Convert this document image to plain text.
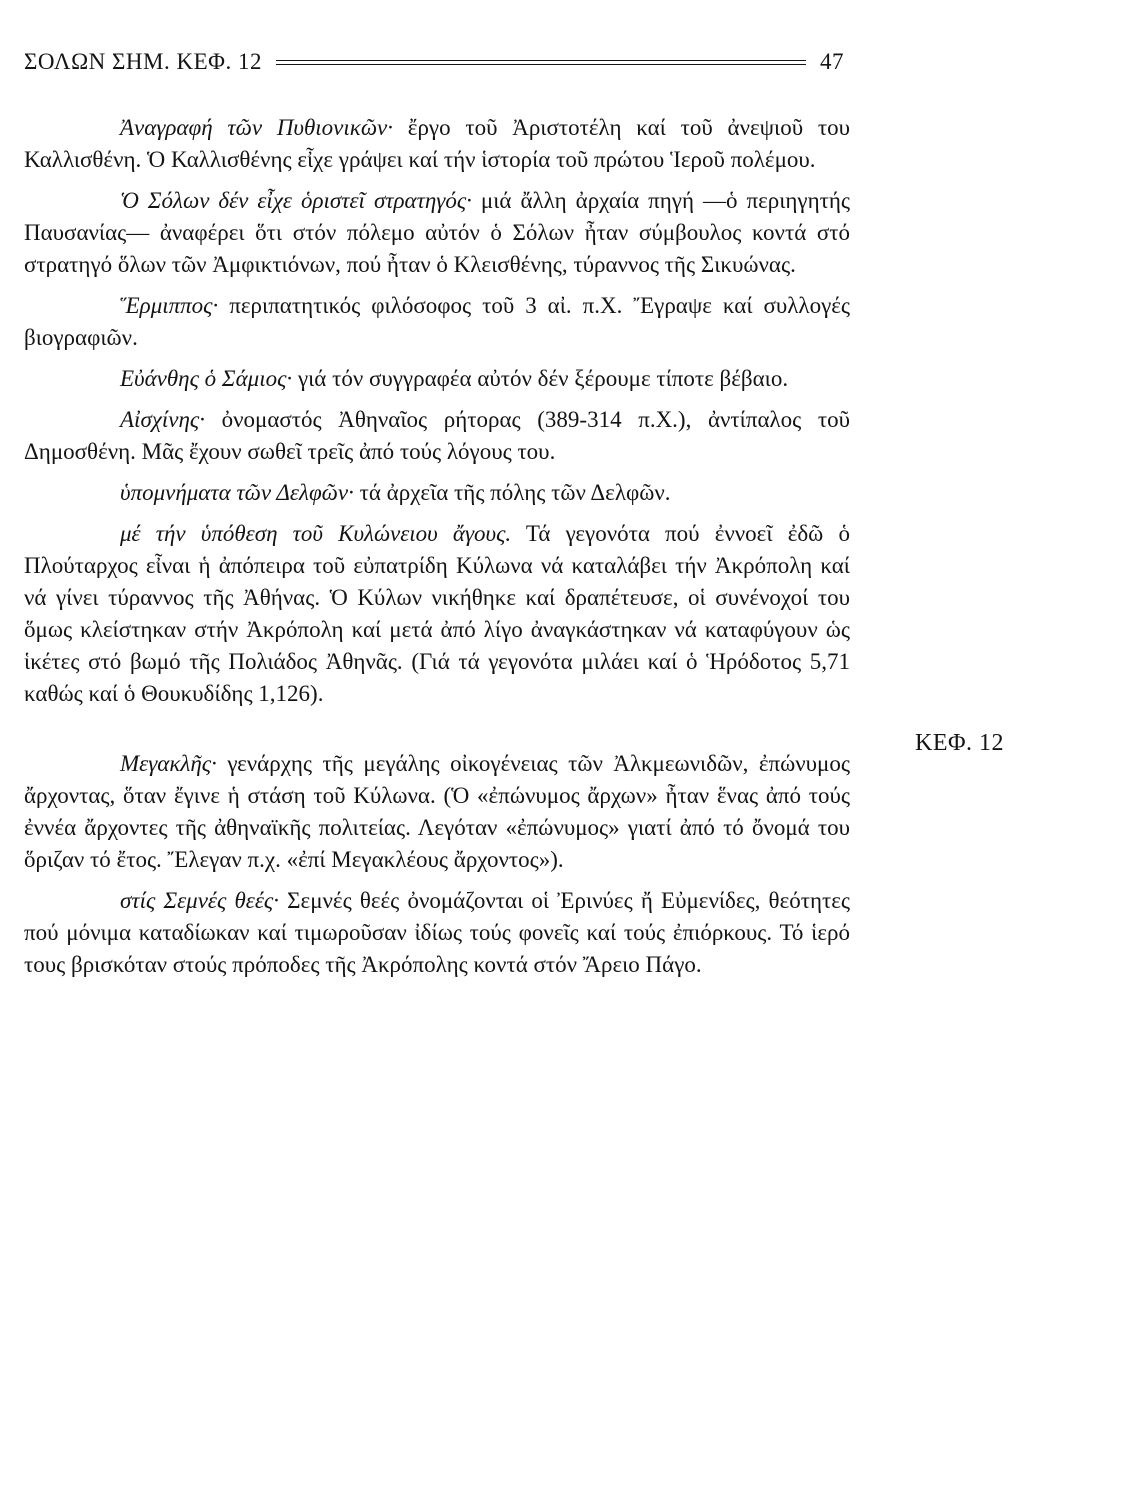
ΣΟΛΩΝ ΣΗΜ. ΚΕΦ. 12	47
ΚΕΦ. 12

Ἀναγραφή τῶν Πυθιονικῶν· ἔργο τοῦ Ἀριστοτέλη καί τοῦ ἀνεψιοῦ του Καλλισθένη. Ὁ Καλλισθένης εἶχε γράψει καί τήν ἱστορία τοῦ πρώτου Ἱεροῦ πολέμου.

Ὁ Σόλων δέν εἶχε ὁριστεῖ στρατηγός· μιά ἄλλη ἀρχαία πηγή —ὁ περιηγητής Παυσανίας— ἀναφέρει ὅτι στόν πόλεμο αὐτόν ὁ Σόλων ἦταν σύμβουλος κοντά στό στρατηγό ὅλων τῶν Ἀμφικτιόνων, πού ἦταν ὁ Κλεισθένης, τύραννος τῆς Σικυώνας.

Ἕρμιππος· περιπατητικός φιλόσοφος τοῦ 3 αἰ. π.Χ. Ἔγραψε καί συλλογές βιογραφιῶν.

Εὐάνθης ὁ Σάμιος· γιά τόν συγγραφέα αὐτόν δέν ξέρουμε τίποτε βέβαιο.

Αἰσχίνης· ὀνομαστός Ἀθηναῖος ρήτορας (389-314 π.Χ.), ἀντίπαλος τοῦ Δημοσθένη. Μᾶς ἔχουν σωθεῖ τρεῖς ἀπό τούς λόγους του.

ὑπομνήματα τῶν Δελφῶν· τά ἀρχεῖα τῆς πόλης τῶν Δελφῶν.

μέ τήν ὑπόθεση τοῦ Κυλώνειου ἄγους. Τά γεγονότα πού ἐννοεῖ ἐδῶ ὁ Πλούταρχος εἶναι ἡ ἀπόπειρα τοῦ εὐπατρίδη Κύλωνα νά καταλάβει τήν Ἀκρόπολη καί νά γίνει τύραννος τῆς Ἀθήνας. Ὁ Κύλων νικήθηκε καί δραπέτευσε, οἱ συνένοχοί του ὅμως κλείστηκαν στήν Ἀκρόπολη καί μετά ἀπό λίγο ἀναγκάστηκαν νά καταφύγουν ὡς ἱκέτες στό βωμό τῆς Πολιάδος Ἀθηνᾶς. (Γιά τά γεγονότα μιλάει καί ὁ Ἡρόδοτος 5,71 καθώς καί ὁ Θουκυδίδης 1,126).

Μεγακλῆς· γενάρχης τῆς μεγάλης οἰκογένειας τῶν Ἀλκμεωνιδῶν, ἐπώνυμος ἄρχοντας, ὅταν ἔγινε ἡ στάση τοῦ Κύλωνα. (Ὁ «ἐπώνυμος ἄρχων» ἦταν ἕνας ἀπό τούς ἐννέα ἄρχοντες τῆς ἀθηναϊκῆς πολιτείας. Λεγόταν «ἐπώνυμος» γιατί ἀπό τό ὄνομά του ὅριζαν τό ἔτος. Ἔλεγαν π.χ. «ἐπί Μεγακλέους ἄρχοντος»).

στίς Σεμνές θεές· Σεμνές θεές ὀνομάζονται οἱ Ἐρινύες ἤ Εὐμενίδες, θεότητες πού μόνιμα καταδίωκαν καί τιμωροῦσαν ἰδίως τούς φονεῖς καί τούς ἐπιόρκους. Τό ἱερό τους βρισκόταν στούς πρόποδες τῆς Ἀκρόπολης κοντά στόν Ἄρειο Πάγο.
